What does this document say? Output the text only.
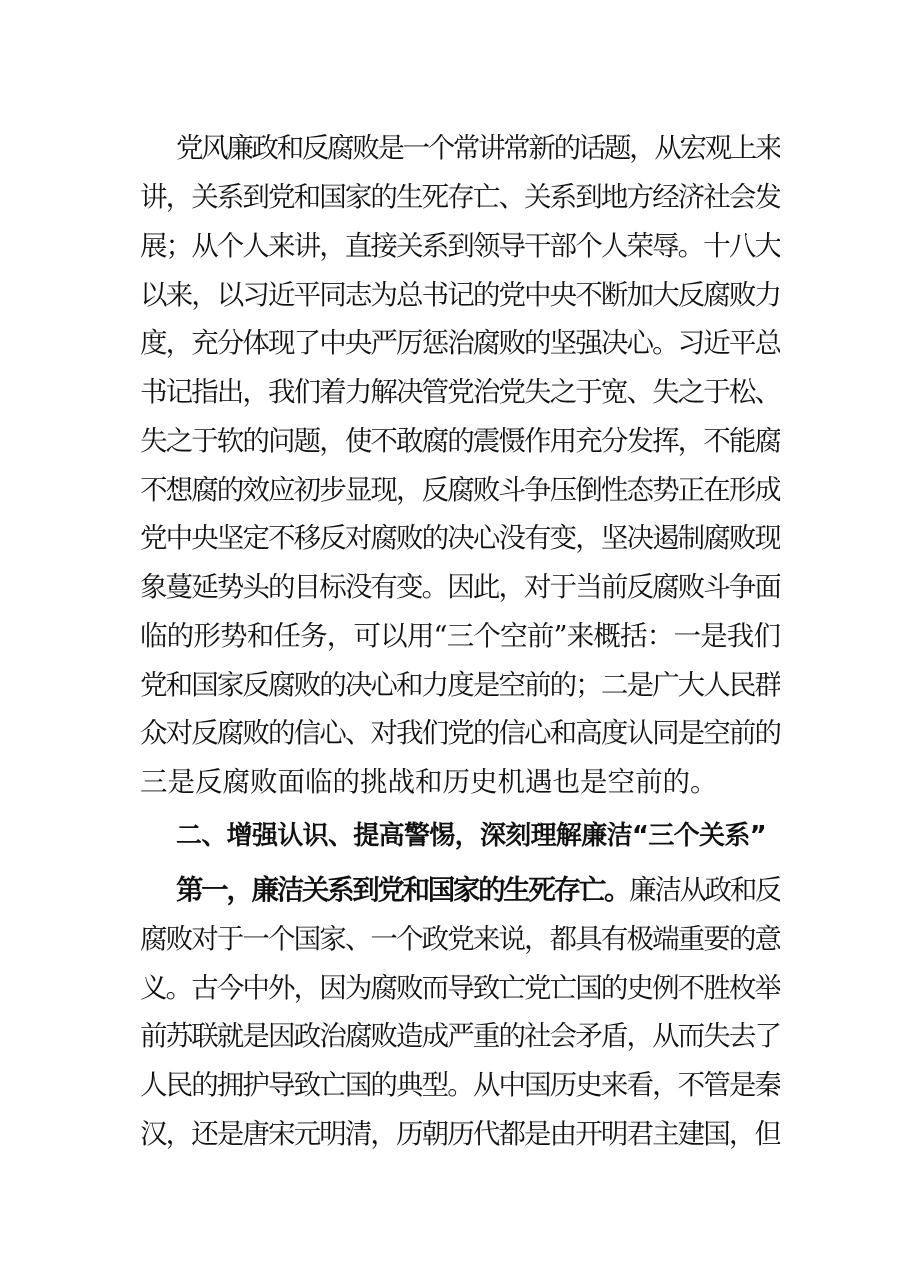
党风廉政和反腐败是一个常讲常新的话题，从宏观上来
讲，关系到党和国家的生死存亡、关系到地方经济社会发
展；从个人来讲，直接关系到领导干部个人荣辱。十八大
以来，以习近平同志为总书记的党中央不断加大反腐败力
度，充分体现了中央严厉惩治腐败的坚强决心。习近平总
书记指出，我们着力解决管党治党失之于宽、失之于松、
失之于软的问题，使不敢腐的震慑作用充分发挥，不能腐
不想腐的效应初步显现，反腐败斗争压倒性态势正在形成
党中央坚定不移反对腐败的决心没有变，坚决遏制腐败现
象蔓延势头的目标没有变。因此，对于当前反腐败斗争面
临的形势和任务，可以用“三个空前”来概括：一是我们
党和国家反腐败的决心和力度是空前的；二是广大人民群
众对反腐败的信心、对我们党的信心和高度认同是空前的
三是反腐败面临的挑战和历史机遇也是空前的。
二、增强认识、提高警惕，深刻理解廉洁“三个关系”
第一，廉洁关系到党和国家的生死存亡。廉洁从政和反
腐败对于一个国家、一个政党来说，都具有极端重要的意
义。古今中外，因为腐败而导致亡党亡国的史例不胜枚举
前苏联就是因政治腐败造成严重的社会矛盾，从而失去了
人民的拥护导致亡国的典型。从中国历史来看，不管是秦
汉，还是唐宋元明清，历朝历代都是由开明君主建国，但
